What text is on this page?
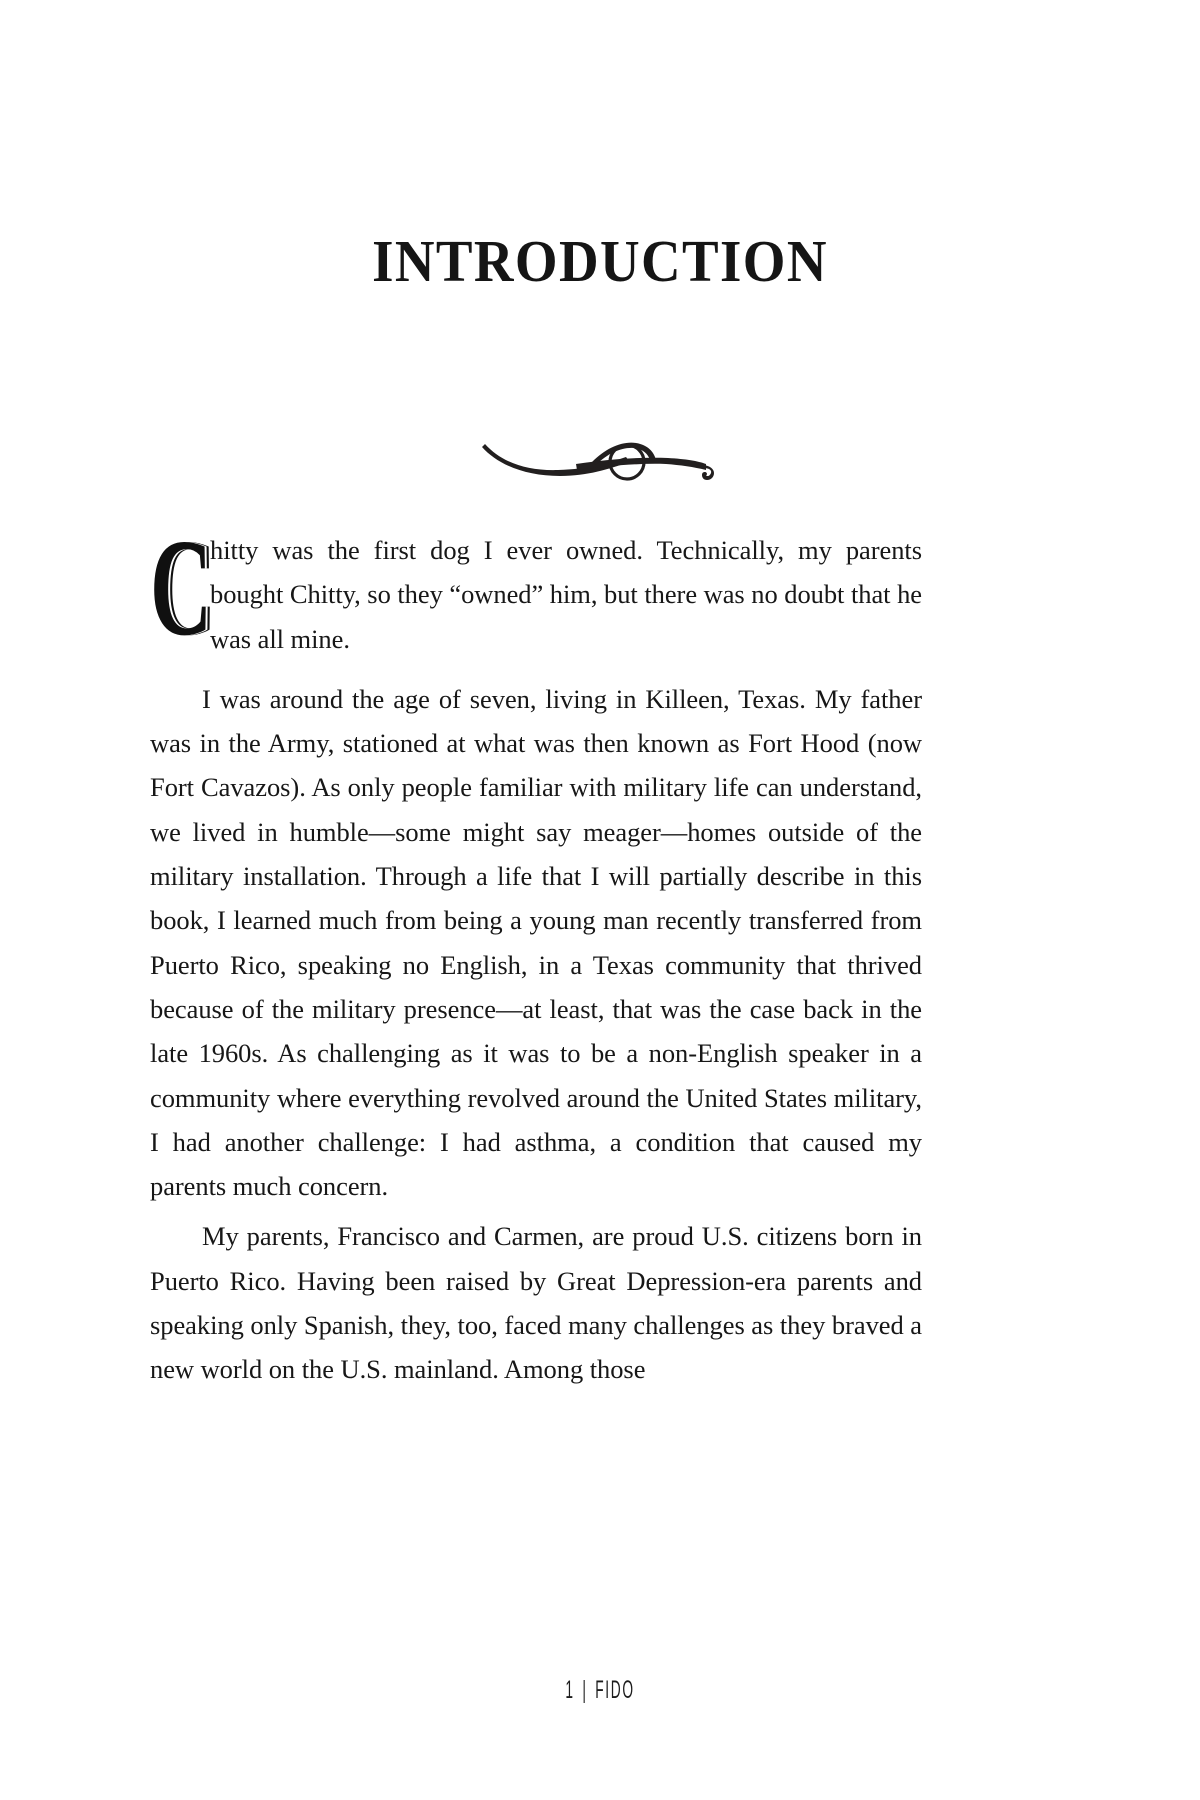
INTRODUCTION

C
hitty was the first dog I ever owned. Technically, my parents bought Chitty, so they “owned” him, but there was no doubt that he was all mine.

I was around the age of seven, living in Killeen, Texas. My father was in the Army, stationed at what was then known as Fort Hood (now Fort Cavazos). As only people familiar with military life can understand, we lived in humble—some might say meager—homes outside of the military installation. Through a life that I will partially describe in this book, I learned much from being a young man recently transferred from Puerto Rico, speaking no English, in a Texas community that thrived because of the military presence—at least, that was the case back in the late 1960s. As challenging as it was to be a non-English speaker in a community where everything revolved around the United States military, I had another challenge: I had asthma, a condition that caused my parents much concern.

My parents, Francisco and Carmen, are proud U.S. citizens born in Puerto Rico. Having been raised by Great Depression-era parents and speaking only Spanish, they, too, faced many challenges as they braved a new world on the U.S. mainland. Among those

1 | FIDO
